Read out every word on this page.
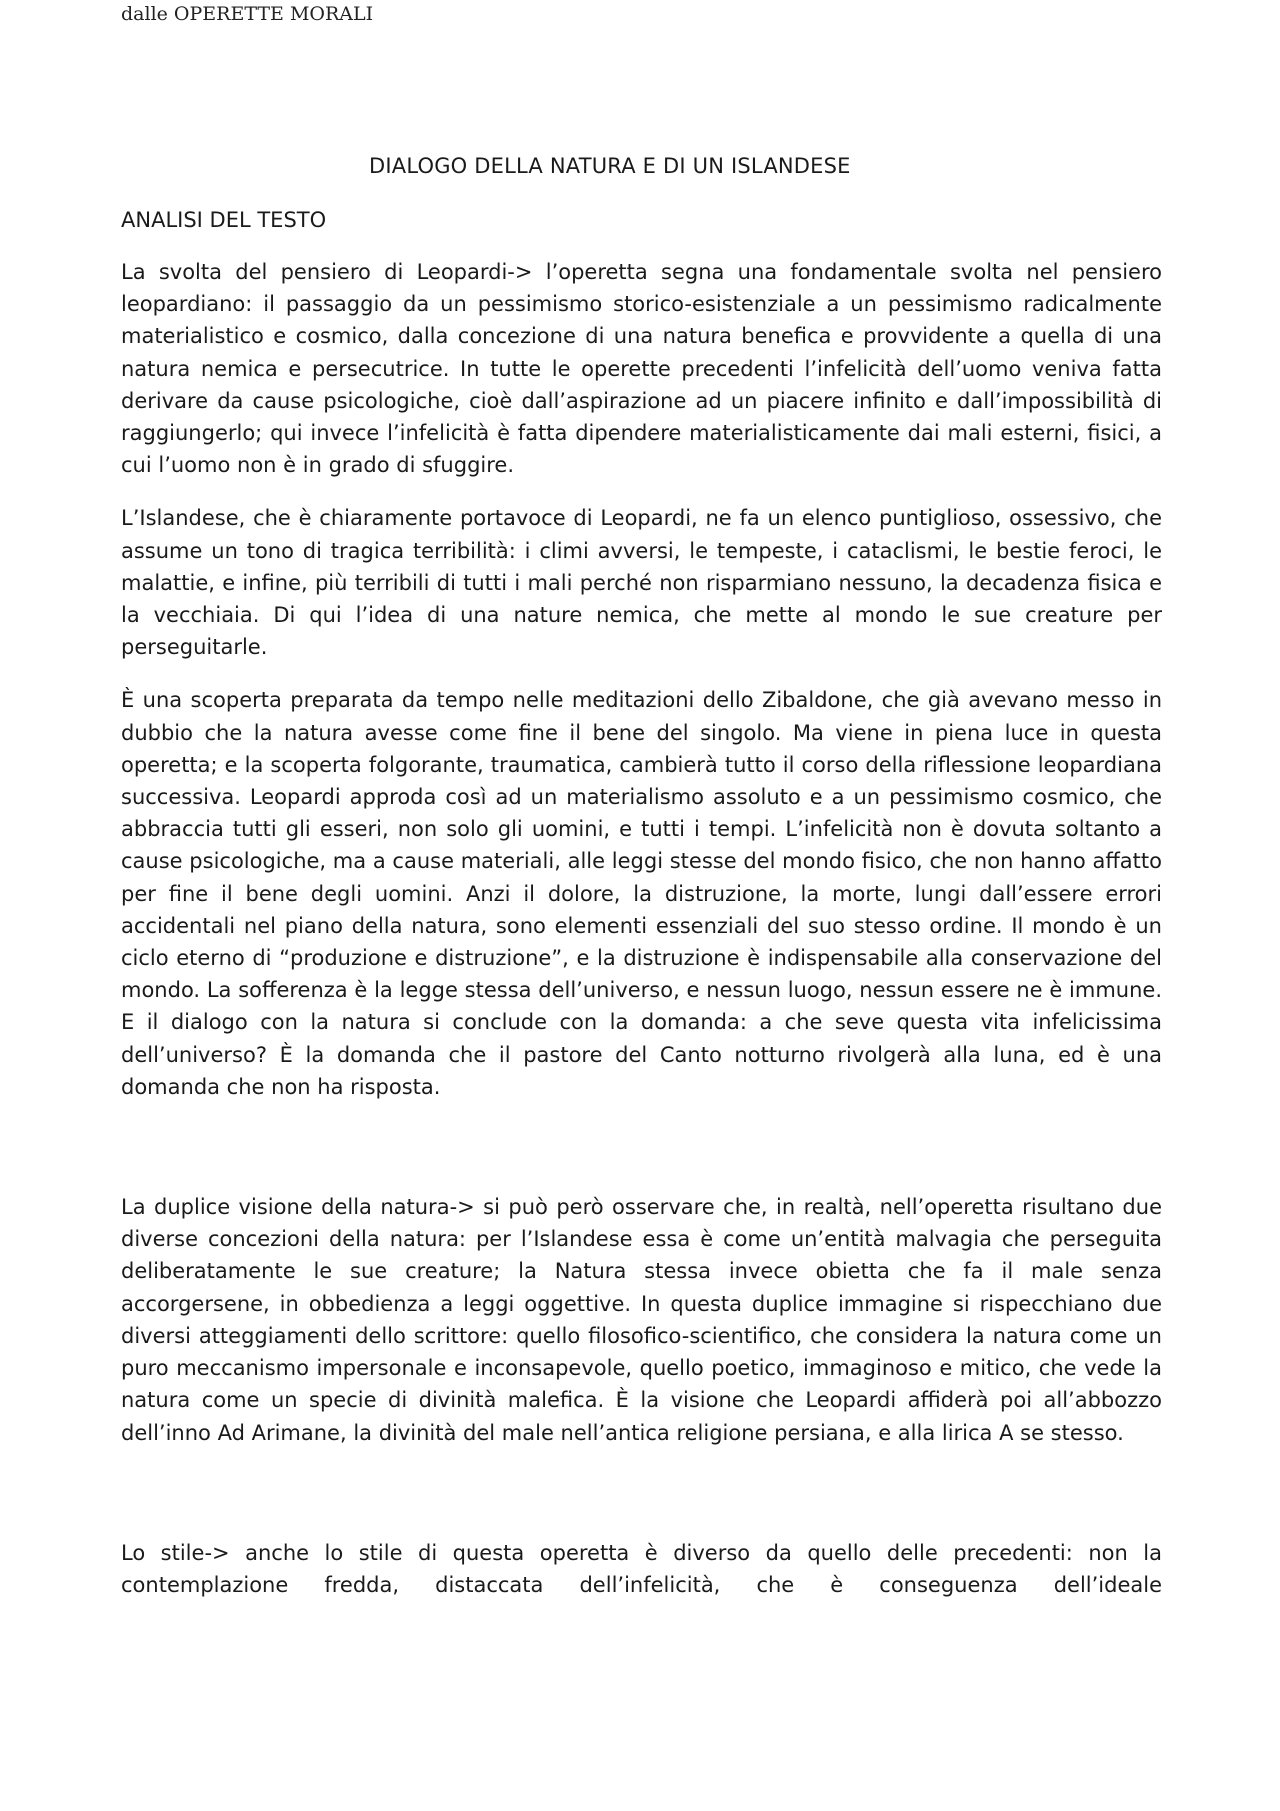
dalle OPERETTE MORALI
DIALOGO DELLA NATURA E DI UN ISLANDESE
ANALISI DEL TESTO

La svolta del pensiero di Leopardi-> l’operetta segna una fondamentale svolta nel pensiero leopardiano: il passaggio da un pessimismo storico-esistenziale a un pessimismo radicalmente materialistico e cosmico, dalla concezione di una natura benefica e provvidente a quella di una natura nemica e persecutrice. In tutte le operette precedenti l’infelicità dell’uomo veniva fatta derivare da cause psicologiche, cioè dall’aspirazione ad un piacere infinito e dall’impossibilità di raggiungerlo; qui invece l’infelicità è fatta dipendere materialisticamente dai mali esterni, fisici, a cui l’uomo non è in grado di sfuggire.

L’Islandese, che è chiaramente portavoce di Leopardi, ne fa un elenco puntiglioso, ossessivo, che assume un tono di tragica terribilità: i climi avversi, le tempeste, i cataclismi, le bestie feroci, le malattie, e infine, più terribili di tutti i mali perché non risparmiano nessuno, la decadenza fisica e la vecchiaia. Di qui l’idea di una nature nemica, che mette al mondo le sue creature per perseguitarle.

È una scoperta preparata da tempo nelle meditazioni dello Zibaldone, che già avevano messo in dubbio che la natura avesse come fine il bene del singolo. Ma viene in piena luce in questa operetta; e la scoperta folgorante, traumatica, cambierà tutto il corso della riflessione leopardiana successiva. Leopardi approda così ad un materialismo assoluto e a un pessimismo cosmico, che abbraccia tutti gli esseri, non solo gli uomini, e tutti i tempi. L’infelicità non è dovuta soltanto a cause psicologiche, ma a cause materiali, alle leggi stesse del mondo fisico, che non hanno affatto per fine il bene degli uomini. Anzi il dolore, la distruzione, la morte, lungi dall’essere errori accidentali nel piano della natura, sono elementi essenziali del suo stesso ordine. Il mondo è un ciclo eterno di “produzione e distruzione”, e la distruzione è indispensabile alla conservazione del mondo. La sofferenza è la legge stessa dell’universo, e nessun luogo, nessun essere ne è immune. E il dialogo con la natura si conclude con la domanda: a che seve questa vita infelicissima dell’universo? È la domanda che il pastore del Canto notturno rivolgerà alla luna, ed è una domanda che non ha risposta.

La duplice visione della natura-> si può però osservare che, in realtà, nell’operetta risultano due diverse concezioni della natura: per l’Islandese essa è come un’entità malvagia che perseguita deliberatamente le sue creature; la Natura stessa invece obietta che fa il male senza accorgersene, in obbedienza a leggi oggettive. In questa duplice immagine si rispecchiano due diversi atteggiamenti dello scrittore: quello filosofico-scientifico, che considera la natura come un puro meccanismo impersonale e inconsapevole, quello poetico, immaginoso e mitico, che vede la natura come un specie di divinità malefica. È la visione che Leopardi affiderà poi all’abbozzo dell’inno Ad Arimane, la divinità del male nell’antica religione persiana, e alla lirica A se stesso.

Lo stile-> anche lo stile di questa operetta è diverso da quello delle precedenti: non la contemplazione fredda, distaccata dell’infelicità, che è conseguenza dell’ideale
